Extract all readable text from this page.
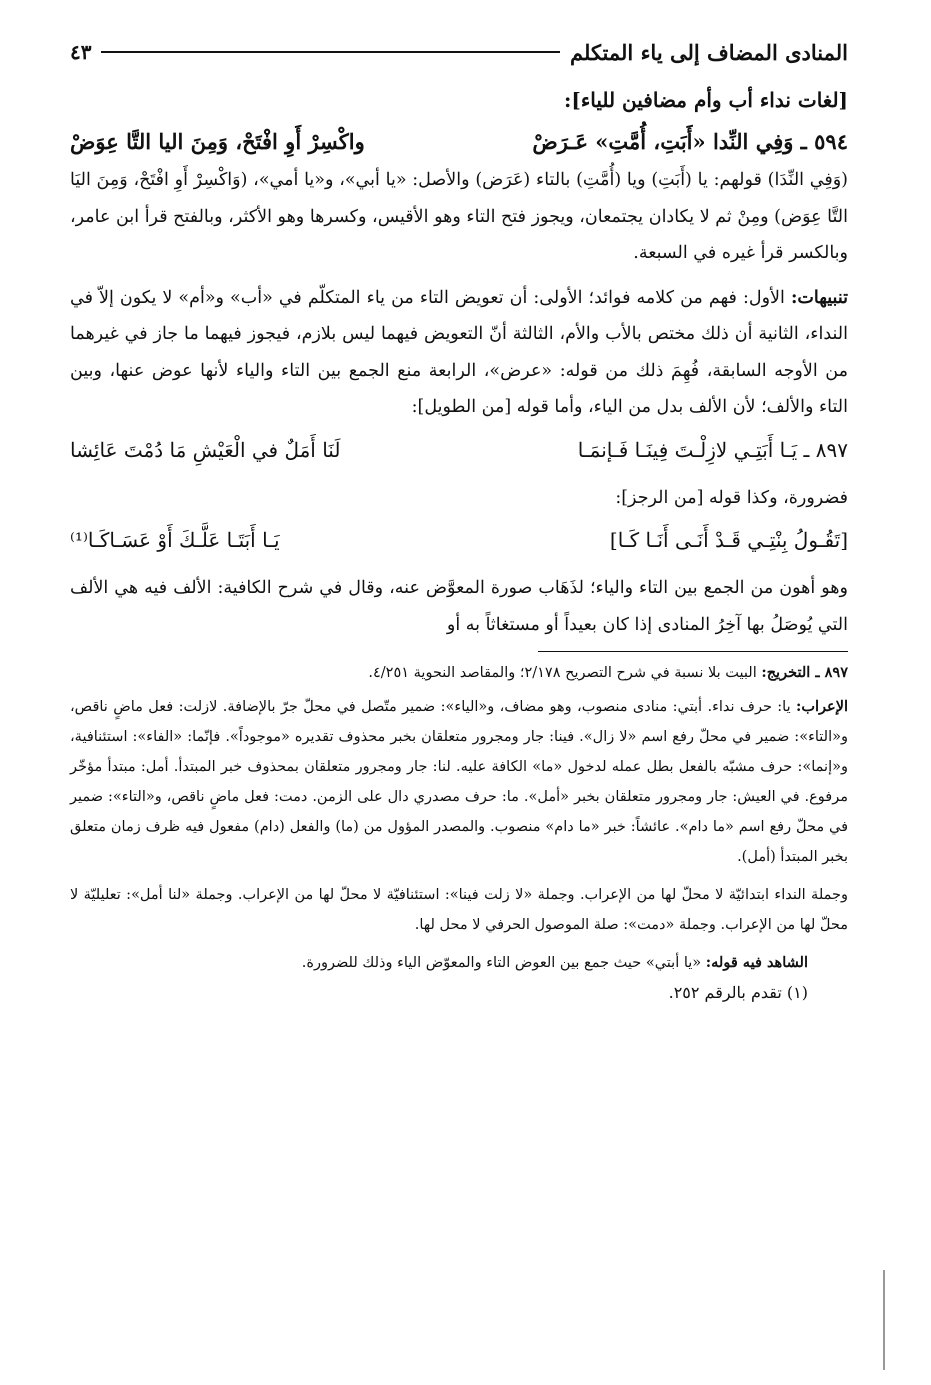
المنادى المضاف إلى ياء المتكلم
٤٣
[لغات نداء أب وأم مضافين للياء]:
٥٩٤ ـ وَفِي النِّدا «أَبَتِ، أُمَّتِ» عَـرَضْ
واكْسِرْ أَوِ افْتَحْ، وَمِنَ اليا التَّا عِوَضْ

(وَفِي النِّدَا) قولهم: يا (أَبَتِ) ويا (أُمَّتِ) بالتاء (عَرَض) والأصل: «يا أبي»، و«يا أمي»، (وَاكْسِرْ أَوِ افْتَحْ، وَمِنَ اليَا التَّا عِوَض) ومِنْ ثم لا يكادان يجتمعان، ويجوز فتح التاء وهو الأقيس، وكسرها وهو الأكثر، وبالفتح قرأ ابن عامر، وبالكسر قرأ غيره في السبعة.

تنبيهات: الأول: فهم من كلامه فوائد؛ الأولى: أن تعويض التاء من ياء المتكلّم في «أب» و«أم» لا يكون إلاّ في النداء، الثانية أن ذلك مختص بالأب والأم، الثالثة أنّ التعويض فيهما ليس بلازم، فيجوز فيهما ما جاز في غيرهما من الأوجه السابقة، فُهِمَ ذلك من قوله: «عرض»، الرابعة منع الجمع بين التاء والياء لأنها عوض عنها، وبين التاء والألف؛ لأن الألف بدل من الياء، وأما قوله [من الطويل]:

٨٩٧ ـ يَـا أَبَتِـي لازِلْـتَ فِينَـا فَـإنمَـا
لَنَا أَمَلٌ في الْعَيْشِ مَا دُمْتَ عَائِشا

فضرورة، وكذا قوله [من الرجز]:

[تَقُـولُ بِنْتِـي قَـدْ أَنَـى أَنَـا كَـا]
يَـا أَبَتَـا عَلَّـكَ أَوْ عَسَـاكَـا⁽¹⁾

وهو أهون من الجمع بين التاء والياء؛ لذَهَاب صورة المعوَّض عنه، وقال في شرح الكافية: الألف فيه هي الألف التي يُوصَلُ بها آخِرُ المنادى إذا كان بعيداً أو مستغاثاً به أو

٨٩٧ ـ التخريج: البيت بلا نسبة في شرح التصريح ٢/١٧٨؛ والمقاصد النحوية ٤/٢٥١.

الإعراب: يا: حرف نداء. أبتي: منادى منصوب، وهو مضاف، و«الياء»: ضمير متّصل في محلّ جرّ بالإضافة. لازلت: فعل ماضٍ ناقص، و«التاء»: ضمير في محلّ رفع اسم «لا زال». فينا: جار ومجرور متعلقان بخبر محذوف تقديره «موجوداً». فإنّما: «الفاء»: استئنافية، و«إنما»: حرف مشبّه بالفعل بطل عمله لدخول «ما» الكافة عليه. لنا: جار ومجرور متعلقان بمحذوف خبر المبتدأ. أمل: مبتدأ مؤخّر مرفوع. في العيش: جار ومجرور متعلقان بخبر «أمل». ما: حرف مصدري دال على الزمن. دمت: فعل ماضٍ ناقص، و«التاء»: ضمير في محلّ رفع اسم «ما دام». عائشاً: خبر «ما دام» منصوب. والمصدر المؤول من (ما) والفعل (دام) مفعول فيه ظرف زمان متعلق بخبر المبتدأ (أمل).

وجملة النداء ابتدائيّة لا محلّ لها من الإعراب. وجملة «لا زلت فينا»: استئنافيّة لا محلّ لها من الإعراب. وجملة «لنا أمل»: تعليليّة لا محلّ لها من الإعراب. وجملة «دمت»: صلة الموصول الحرفي لا محل لها.

الشاهد فيه قوله: «يا أبتي» حيث جمع بين العوض التاء والمعوّض الياء وذلك للضرورة.

(١) تقدم بالرقم ٢٥٢.
